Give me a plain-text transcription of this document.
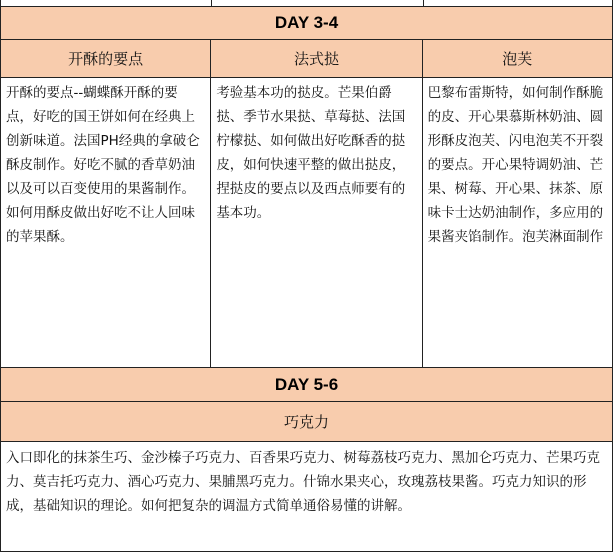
DAY 3-4
开酥的要点	法式挞	泡芙
开酥的要点--蝴蝶酥开酥的要点，好吃的国王饼如何在经典上创新味道。法国PH经典的拿破仑酥皮制作。好吃不腻的香草奶油以及可以百变使用的果酱制作。如何用酥皮做出好吃不让人回味的苹果酥。
考验基本功的挞皮。芒果伯爵挞、季节水果挞、草莓挞、法国柠檬挞、如何做出好吃酥香的挞皮，如何快速平整的做出挞皮，捏挞皮的要点以及西点师要有的基本功。
巴黎布雷斯特，如何制作酥脆的皮、开心果慕斯林奶油、圆形酥皮泡芙、闪电泡芙不开裂的要点。开心果特调奶油、芒果、树莓、开心果、抹茶、原味卡士达奶油制作，多应用的果酱夹馅制作。泡芙淋面制作
DAY 5-6
巧克力
入口即化的抹茶生巧、金沙榛子巧克力、百香果巧克力、树莓荔枝巧克力、黑加仑巧克力、芒果巧克力、莫吉托巧克力、酒心巧克力、果脯黑巧克力。什锦水果夹心，玫瑰荔枝果酱。巧克力知识的形成，基础知识的理论。如何把复杂的调温方式简单通俗易懂的讲解。
